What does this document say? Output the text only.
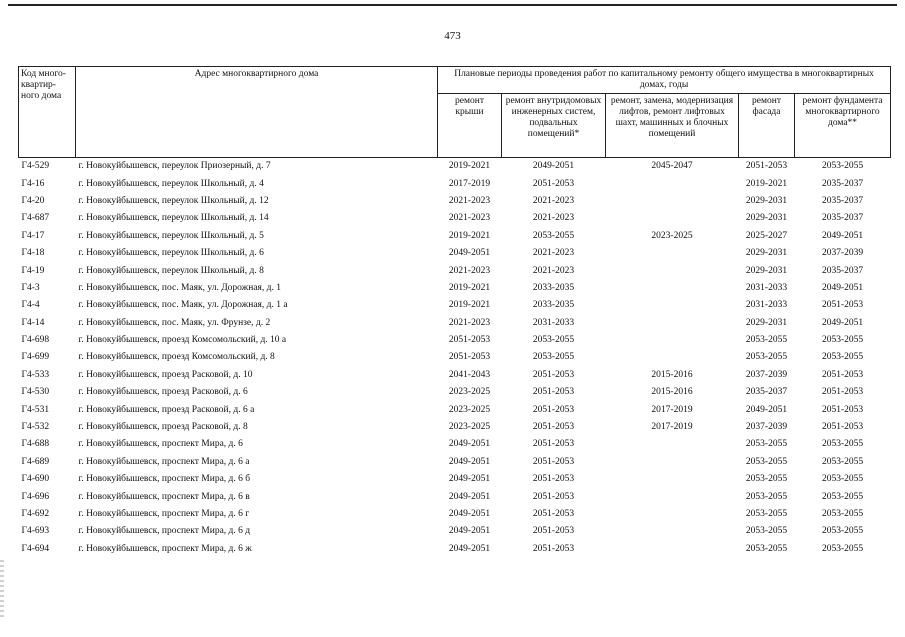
473
Код много-квартир-ного дома	Адрес многоквартирного дома	Плановые периоды проведения работ по капитальному ремонту общего имущества в многоквартирных домах, годы				
		ремонт крыши	ремонт внутридомовых инженерных систем, подвальных помещений*	ремонт, замена, модернизация лифтов, ремонт лифтовых шахт, машинных и блочных помещений	ремонт фасада	ремонт фундамента многоквартирного дома**
Г4-529	г. Новокуйбышевск, переулок Приозерный, д. 7	2019-2021	2049-2051	2045-2047	2051-2053	2053-2055
Г4-16	г. Новокуйбышевск, переулок Школьный, д. 4	2017-2019	2051-2053		2019-2021	2035-2037
Г4-20	г. Новокуйбышевск, переулок Школьный, д. 12	2021-2023	2021-2023		2029-2031	2035-2037
Г4-687	г. Новокуйбышевск, переулок Школьный, д. 14	2021-2023	2021-2023		2029-2031	2035-2037
Г4-17	г. Новокуйбышевск, переулок Школьный, д. 5	2019-2021	2053-2055	2023-2025	2025-2027	2049-2051
Г4-18	г. Новокуйбышевск, переулок Школьный, д. 6	2049-2051	2021-2023		2029-2031	2037-2039
Г4-19	г. Новокуйбышевск, переулок Школьный, д. 8	2021-2023	2021-2023		2029-2031	2035-2037
Г4-3	г. Новокуйбышевск, пос. Маяк, ул. Дорожная, д. 1	2019-2021	2033-2035		2031-2033	2049-2051
Г4-4	г. Новокуйбышевск, пос. Маяк, ул. Дорожная, д. 1 а	2019-2021	2033-2035		2031-2033	2051-2053
Г4-14	г. Новокуйбышевск, пос. Маяк, ул. Фрунзе, д. 2	2021-2023	2031-2033		2029-2031	2049-2051
Г4-698	г. Новокуйбышевск, проезд Комсомольский, д. 10 а	2051-2053	2053-2055		2053-2055	2053-2055
Г4-699	г. Новокуйбышевск, проезд Комсомольский, д. 8	2051-2053	2053-2055		2053-2055	2053-2055
Г4-533	г. Новокуйбышевск, проезд Расковой, д. 10	2041-2043	2051-2053	2015-2016	2037-2039	2051-2053
Г4-530	г. Новокуйбышевск, проезд Расковой, д. 6	2023-2025	2051-2053	2015-2016	2035-2037	2051-2053
Г4-531	г. Новокуйбышевск, проезд Расковой, д. 6 а	2023-2025	2051-2053	2017-2019	2049-2051	2051-2053
Г4-532	г. Новокуйбышевск, проезд Расковой, д. 8	2023-2025	2051-2053	2017-2019	2037-2039	2051-2053
Г4-688	г. Новокуйбышевск, проспект Мира, д. 6	2049-2051	2051-2053		2053-2055	2053-2055
Г4-689	г. Новокуйбышевск, проспект Мира, д. 6 а	2049-2051	2051-2053		2053-2055	2053-2055
Г4-690	г. Новокуйбышевск, проспект Мира, д. 6 б	2049-2051	2051-2053		2053-2055	2053-2055
Г4-696	г. Новокуйбышевск, проспект Мира, д. 6 в	2049-2051	2051-2053		2053-2055	2053-2055
Г4-692	г. Новокуйбышевск, проспект Мира, д. 6 г	2049-2051	2051-2053		2053-2055	2053-2055
Г4-693	г. Новокуйбышевск, проспект Мира, д. 6 д	2049-2051	2051-2053		2053-2055	2053-2055
Г4-694	г. Новокуйбышевск, проспект Мира, д. 6 ж	2049-2051	2051-2053		2053-2055	2053-2055
